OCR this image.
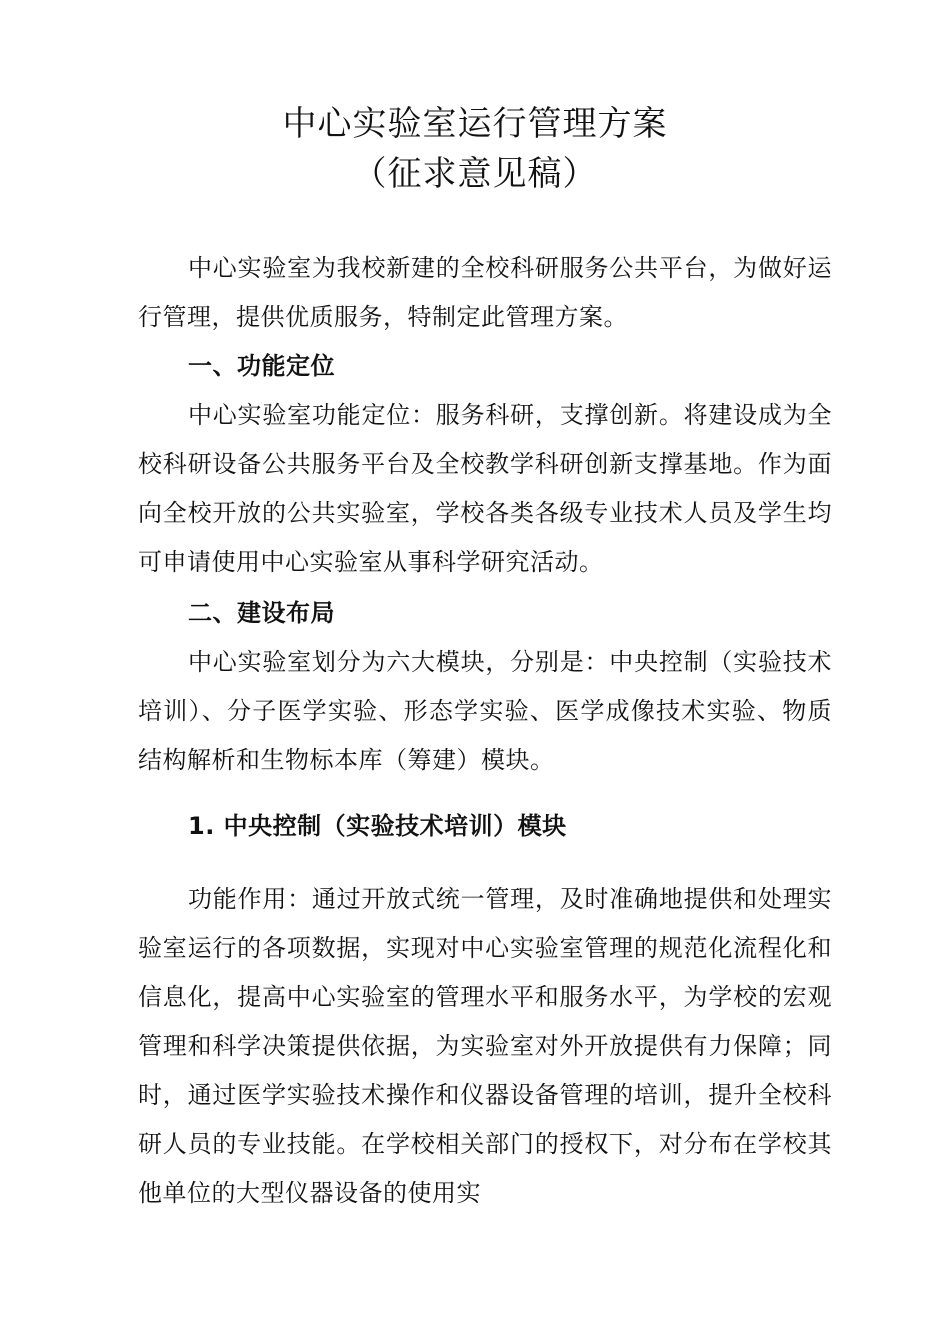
中心实验室运行管理方案
（征求意见稿）

中心实验室为我校新建的全校科研服务公共平台，为做好运行管理，提供优质服务，特制定此管理方案。

一、功能定位

中心实验室功能定位：服务科研，支撑创新。将建设成为全校科研设备公共服务平台及全校教学科研创新支撑基地。作为面向全校开放的公共实验室，学校各类各级专业技术人员及学生均可申请使用中心实验室从事科学研究活动。

二、建设布局

中心实验室划分为六大模块，分别是：中央控制（实验技术培训）、分子医学实验、形态学实验、医学成像技术实验、物质结构解析和生物标本库（筹建）模块。

1. 中央控制（实验技术培训）模块

功能作用：通过开放式统一管理，及时准确地提供和处理实验室运行的各项数据，实现对中心实验室管理的规范化流程化和信息化，提高中心实验室的管理水平和服务水平，为学校的宏观管理和科学决策提供依据，为实验室对外开放提供有力保障；同时，通过医学实验技术操作和仪器设备管理的培训，提升全校科研人员的专业技能。在学校相关部门的授权下，对分布在学校其他单位的大型仪器设备的使用实
